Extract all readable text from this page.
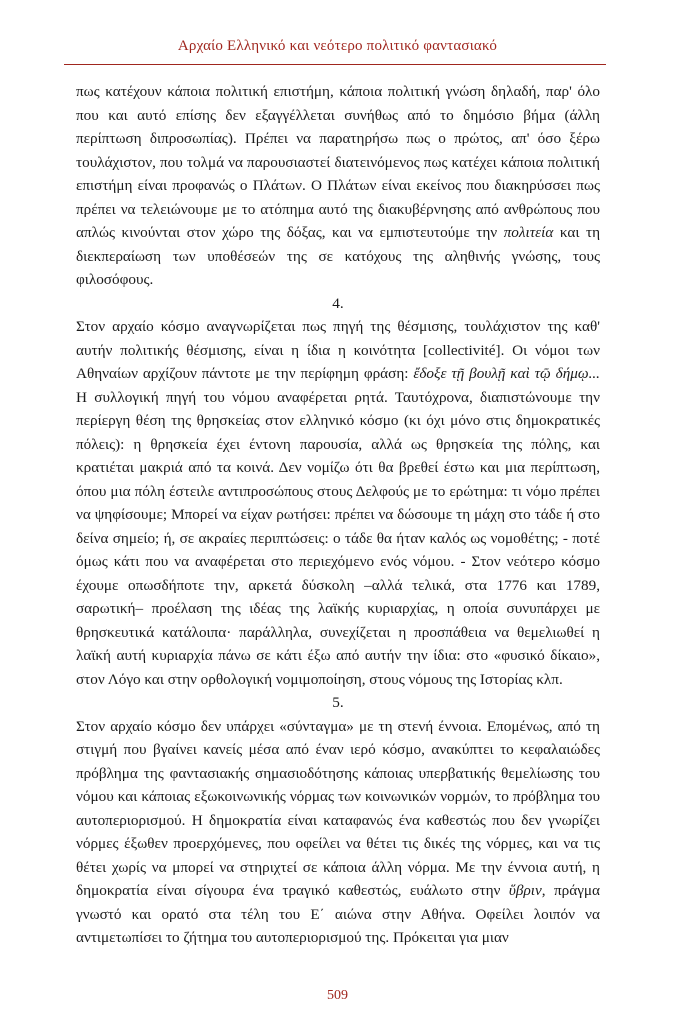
Αρχαίο Ελληνικό και νεότερο πολιτικό φαντασιακό

πως κατέχουν κάποια πολιτική επιστήμη, κάποια πολιτική γνώση δηλαδή, παρ' όλο που και αυτό επίσης δεν εξαγγέλλεται συνήθως από το δημόσιο βήμα (άλλη περίπτωση διπροσωπίας). Πρέπει να παρατηρήσω πως ο πρώτος, απ' όσο ξέρω τουλάχιστον, που τολμά να παρουσιαστεί διατεινόμενος πως κατέχει κάποια πολιτική επιστήμη είναι προφανώς ο Πλάτων. Ο Πλάτων είναι εκείνος που διακηρύσσει πως πρέπει να τελειώνουμε με το ατόπημα αυτό της διακυβέρνησης από ανθρώπους που απλώς κινούνται στον χώρο της δόξας, και να εμπιστευτούμε την πολιτεία και τη διεκπεραίωση των υποθέσεών της σε κατόχους της αληθινής γνώσης, τους φιλοσόφους.

4.

Στον αρχαίο κόσμο αναγνωρίζεται πως πηγή της θέσμισης, τουλάχιστον της καθ' αυτήν πολιτικής θέσμισης, είναι η ίδια η κοινότητα [collectivité]. Οι νόμοι των Αθηναίων αρχίζουν πάντοτε με την περίφημη φράση: ἔδοξε τῇ βουλῇ καὶ τῷ δήμῳ... Η συλλογική πηγή του νόμου αναφέρεται ρητά. Ταυτόχρονα, διαπιστώνουμε την περίεργη θέση της θρησκείας στον ελληνικό κόσμο (κι όχι μόνο στις δημοκρατικές πόλεις): η θρησκεία έχει έντονη παρουσία, αλλά ως θρησκεία της πόλης, και κρατιέται μακριά από τα κοινά. Δεν νομίζω ότι θα βρεθεί έστω και μια περίπτωση, όπου μια πόλη έστειλε αντιπροσώπους στους Δελφούς με το ερώτημα: τι νόμο πρέπει να ψηφίσουμε; Μπορεί να είχαν ρωτήσει: πρέπει να δώσουμε τη μάχη στο τάδε ή στο δείνα σημείο; ή, σε ακραίες περιπτώσεις: ο τάδε θα ήταν καλός ως νομοθέτης; - ποτέ όμως κάτι που να αναφέρεται στο περιεχόμενο ενός νόμου. - Στον νεότερο κόσμο έχουμε οπωσδήποτε την, αρκετά δύσκολη –αλλά τελικά, στα 1776 και 1789, σαρωτική– προέλαση της ιδέας της λαϊκής κυριαρχίας, η οποία συνυπάρχει με θρησκευτικά κατάλοιπα· παράλληλα, συνεχίζεται η προσπάθεια να θεμελιωθεί η λαϊκή αυτή κυριαρχία πάνω σε κάτι έξω από αυτήν την ίδια: στο «φυσικό δίκαιο», στον Λόγο και στην ορθολογική νομιμοποίηση, στους νόμους της Ιστορίας κλπ.

5.

Στον αρχαίο κόσμο δεν υπάρχει «σύνταγμα» με τη στενή έννοια. Επομένως, από τη στιγμή που βγαίνει κανείς μέσα από έναν ιερό κόσμο, ανακύπτει το κεφαλαιώδες πρόβλημα της φαντασιακής σημασιοδότησης κάποιας υπερβατικής θεμελίωσης του νόμου και κάποιας εξωκοινωνικής νόρμας των κοινωνικών νορμών, το πρόβλημα του αυτοπεριορισμού. Η δημοκρατία είναι καταφανώς ένα καθεστώς που δεν γνωρίζει νόρμες έξωθεν προερχόμενες, που οφείλει να θέτει τις δικές της νόρμες, και να τις θέτει χωρίς να μπορεί να στηριχτεί σε κάποια άλλη νόρμα. Με την έννοια αυτή, η δημοκρατία είναι σίγουρα ένα τραγικό καθεστώς, ευάλωτο στην ὕβριν, πράγμα γνωστό και ορατό στα τέλη του Ε΄ αιώνα στην Αθήνα. Οφείλει λοιπόν να αντιμετωπίσει το ζήτημα του αυτοπεριορισμού της. Πρόκειται για μιαν

509
